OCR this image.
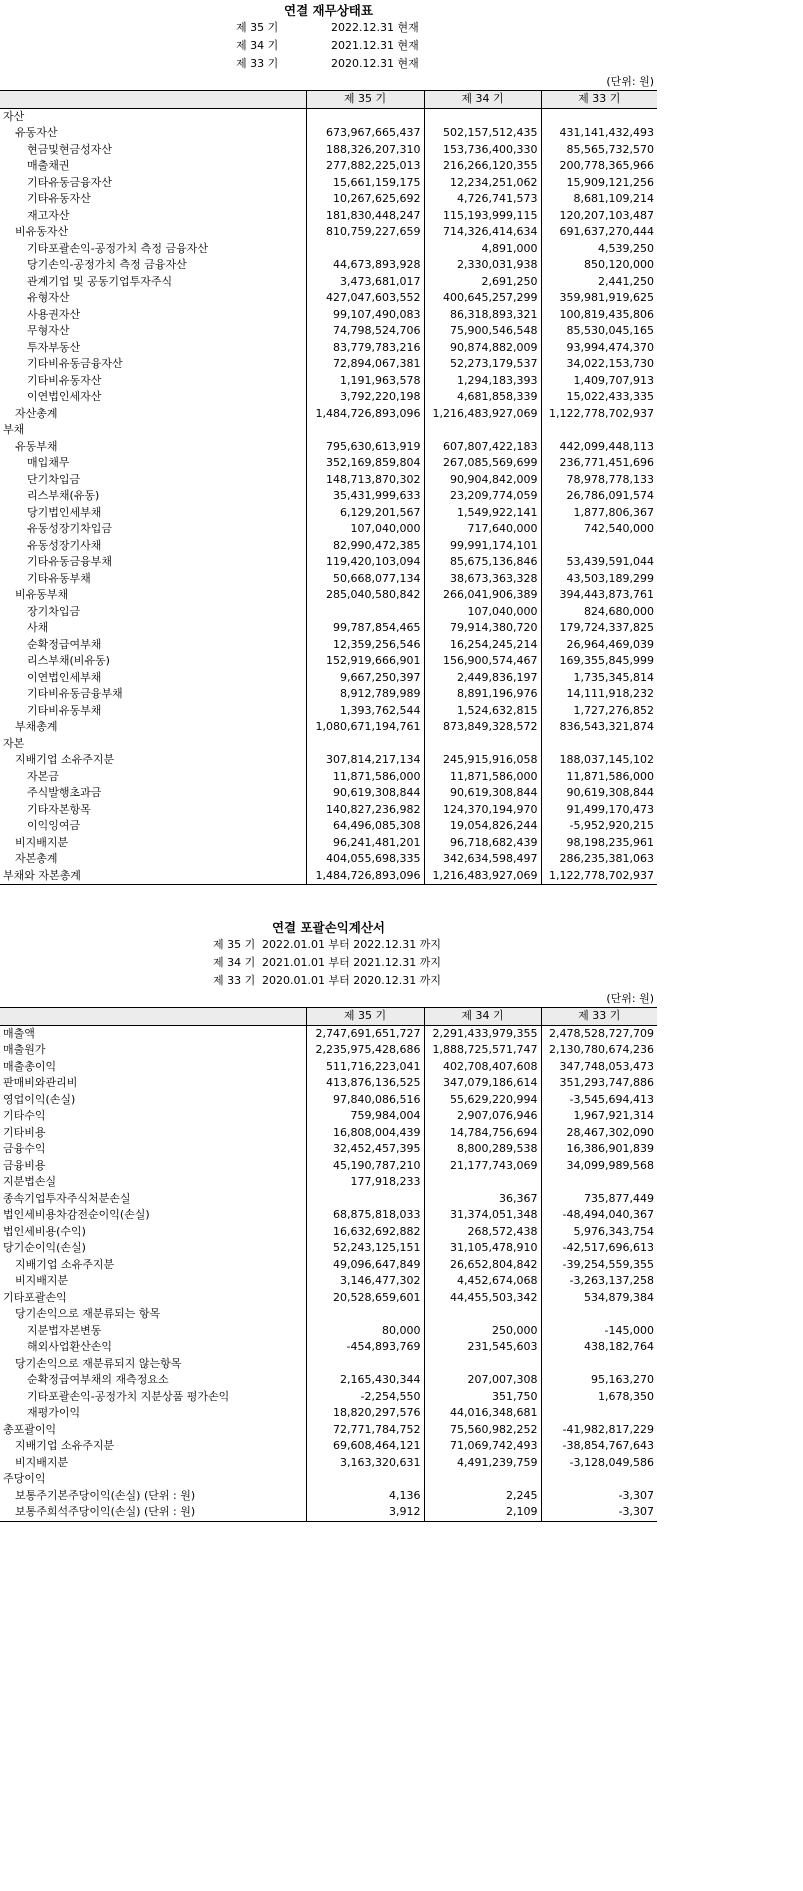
연결 재무상태표
제 35 기	2022.12.31 현재
제 34 기	2021.12.31 현재
제 33 기	2020.12.31 현재
(단위: 원)
	제 35 기	제 34 기	제 33 기
자산			
유동자산	673,967,665,437	502,157,512,435	431,141,432,493
현금및현금성자산	188,326,207,310	153,736,400,330	85,565,732,570
매출채권	277,882,225,013	216,266,120,355	200,778,365,966
기타유동금융자산	15,661,159,175	12,234,251,062	15,909,121,256
기타유동자산	10,267,625,692	4,726,741,573	8,681,109,214
재고자산	181,830,448,247	115,193,999,115	120,207,103,487
비유동자산	810,759,227,659	714,326,414,634	691,637,270,444
기타포괄손익-공정가치 측정 금융자산		4,891,000	4,539,250
당기손익-공정가치 측정 금융자산	44,673,893,928	2,330,031,938	850,120,000
관계기업 및 공동기업투자주식	3,473,681,017	2,691,250	2,441,250
유형자산	427,047,603,552	400,645,257,299	359,981,919,625
사용권자산	99,107,490,083	86,318,893,321	100,819,435,806
무형자산	74,798,524,706	75,900,546,548	85,530,045,165
투자부동산	83,779,783,216	90,874,882,009	93,994,474,370
기타비유동금융자산	72,894,067,381	52,273,179,537	34,022,153,730
기타비유동자산	1,191,963,578	1,294,183,393	1,409,707,913
이연법인세자산	3,792,220,198	4,681,858,339	15,022,433,335
자산총계	1,484,726,893,096	1,216,483,927,069	1,122,778,702,937
부채			
유동부채	795,630,613,919	607,807,422,183	442,099,448,113
매입채무	352,169,859,804	267,085,569,699	236,771,451,696
단기차입금	148,713,870,302	90,904,842,009	78,978,778,133
리스부채(유동)	35,431,999,633	23,209,774,059	26,786,091,574
당기법인세부채	6,129,201,567	1,549,922,141	1,877,806,367
유동성장기차입금	107,040,000	717,640,000	742,540,000
유동성장기사채	82,990,472,385	99,991,174,101	
기타유동금융부채	119,420,103,094	85,675,136,846	53,439,591,044
기타유동부채	50,668,077,134	38,673,363,328	43,503,189,299
비유동부채	285,040,580,842	266,041,906,389	394,443,873,761
장기차입금		107,040,000	824,680,000
사채	99,787,854,465	79,914,380,720	179,724,337,825
순확정급여부채	12,359,256,546	16,254,245,214	26,964,469,039
리스부채(비유동)	152,919,666,901	156,900,574,467	169,355,845,999
이연법인세부채	9,667,250,397	2,449,836,197	1,735,345,814
기타비유동금융부채	8,912,789,989	8,891,196,976	14,111,918,232
기타비유동부채	1,393,762,544	1,524,632,815	1,727,276,852
부채총계	1,080,671,194,761	873,849,328,572	836,543,321,874
자본			
지배기업 소유주지분	307,814,217,134	245,915,916,058	188,037,145,102
자본금	11,871,586,000	11,871,586,000	11,871,586,000
주식발행초과금	90,619,308,844	90,619,308,844	90,619,308,844
기타자본항목	140,827,236,982	124,370,194,970	91,499,170,473
이익잉여금	64,496,085,308	19,054,826,244	-5,952,920,215
비지배지분	96,241,481,201	96,718,682,439	98,198,235,961
자본총계	404,055,698,335	342,634,598,497	286,235,381,063
부채와 자본총계	1,484,726,893,096	1,216,483,927,069	1,122,778,702,937
연결 포괄손익계산서
제 35 기 2022.01.01 부터 2022.12.31 까지
제 34 기 2021.01.01 부터 2021.12.31 까지
제 33 기 2020.01.01 부터 2020.12.31 까지
(단위: 원)
	제 35 기	제 34 기	제 33 기
매출액	2,747,691,651,727	2,291,433,979,355	2,478,528,727,709
매출원가	2,235,975,428,686	1,888,725,571,747	2,130,780,674,236
매출총이익	511,716,223,041	402,708,407,608	347,748,053,473
판매비와관리비	413,876,136,525	347,079,186,614	351,293,747,886
영업이익(손실)	97,840,086,516	55,629,220,994	-3,545,694,413
기타수익	759,984,004	2,907,076,946	1,967,921,314
기타비용	16,808,004,439	14,784,756,694	28,467,302,090
금융수익	32,452,457,395	8,800,289,538	16,386,901,839
금융비용	45,190,787,210	21,177,743,069	34,099,989,568
지분법손실	177,918,233		
종속기업투자주식처분손실		36,367	735,877,449
법인세비용차감전순이익(손실)	68,875,818,033	31,374,051,348	-48,494,040,367
법인세비용(수익)	16,632,692,882	268,572,438	5,976,343,754
당기순이익(손실)	52,243,125,151	31,105,478,910	-42,517,696,613
지배기업 소유주지분	49,096,647,849	26,652,804,842	-39,254,559,355
비지배지분	3,146,477,302	4,452,674,068	-3,263,137,258
기타포괄손익	20,528,659,601	44,455,503,342	534,879,384
당기손익으로 재분류되는 항목			
지분법자본변동	80,000	250,000	-145,000
해외사업환산손익	-454,893,769	231,545,603	438,182,764
당기손익으로 재분류되지 않는항목			
순확정급여부채의 재측정요소	2,165,430,344	207,007,308	95,163,270
기타포괄손익-공정가치 지분상품 평가손익	-2,254,550	351,750	1,678,350
재평가이익	18,820,297,576	44,016,348,681	
총포괄이익	72,771,784,752	75,560,982,252	-41,982,817,229
지배기업 소유주지분	69,608,464,121	71,069,742,493	-38,854,767,643
비지배지분	3,163,320,631	4,491,239,759	-3,128,049,586
주당이익			
보통주기본주당이익(손실) (단위 : 원)	4,136	2,245	-3,307
보통주희석주당이익(손실) (단위 : 원)	3,912	2,109	-3,307
